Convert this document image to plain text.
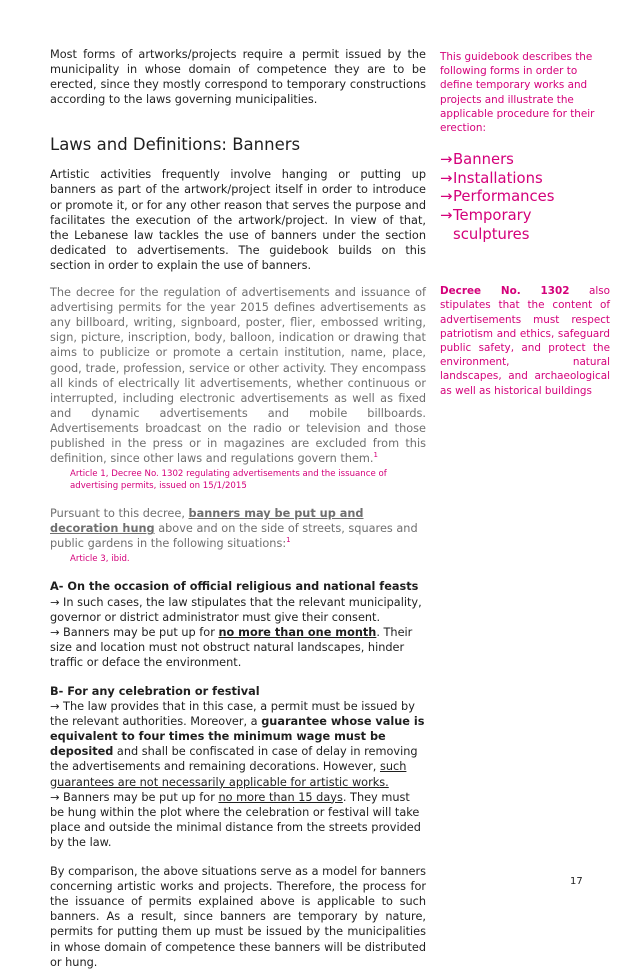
Most forms of artworks/projects require a permit issued by the municipality in whose domain of competence they are to be erected, since they mostly correspond to temporary constructions according to the laws governing municipalities.

Laws and Definitions: Banners

Artistic activities frequently involve hanging or putting up banners as part of the artwork/project itself in order to introduce or promote it, or for any other reason that serves the purpose and facilitates the execution of the artwork/project. In view of that, the Lebanese law tackles the use of banners under the section dedicated to advertisements. The guidebook builds on this section in order to explain the use of banners.

The decree for the regulation of advertisements and issuance of advertising permits for the year 2015 defines advertisements as any billboard, writing, signboard, poster, flier, embossed writing, sign, picture, inscription, body, balloon, indication or drawing that aims to publicize or promote a certain institution, name, place, good, trade, profession, service or other activity. They encompass all kinds of electrically lit advertisements, whether continuous or interrupted, including electronic advertisements as well as fixed and dynamic advertisements and mobile billboards. Advertisements broadcast on the radio or television and those published in the press or in magazines are excluded from this definition, since other laws and regulations govern them.$^1$

Article 1, Decree No. 1302 regulating advertisements and the issuance of advertising permits, issued on 15/1/2015

Pursuant to this decree, banners may be put up and decoration hung above and on the side of streets, squares and public gardens in the following situations:$^1$

Article 3, ibid.

A- On the occasion of official religious and national feasts

→ In such cases, the law stipulates that the relevant municipality, governor or district administrator must give their consent.

→ Banners may be put up for no more than one month. Their size and location must not obstruct natural landscapes, hinder traffic or deface the environment.

B- For any celebration or festival

→ The law provides that in this case, a permit must be issued by the relevant authorities. Moreover, a guarantee whose value is equivalent to four times the minimum wage must be deposited and shall be confiscated in case of delay in removing the advertisements and remaining decorations. However, such guarantees are not necessarily applicable for artistic works.

→ Banners may be put up for no more than 15 days. They must be hung within the plot where the celebration or festival will take place and outside the minimal distance from the streets provided by the law.

By comparison, the above situations serve as a model for banners concerning artistic works and projects. Therefore, the process for the issuance of permits explained above is applicable to such banners. As a result, since banners are temporary by nature, permits for putting them up must be issued by the municipalities in whose domain of competence these banners will be distributed or hung.

This guidebook describes the following forms in order to define temporary works and projects and illustrate the applicable procedure for their erection:

→ Banners
→ Installations
→ Performances
→ Temporary sculptures

Decree No. 1302 also stipulates that the content of advertisements must respect patriotism and ethics, safeguard public safety, and protect the environment, natural landscapes, and archaeological as well as historical buildings

17
